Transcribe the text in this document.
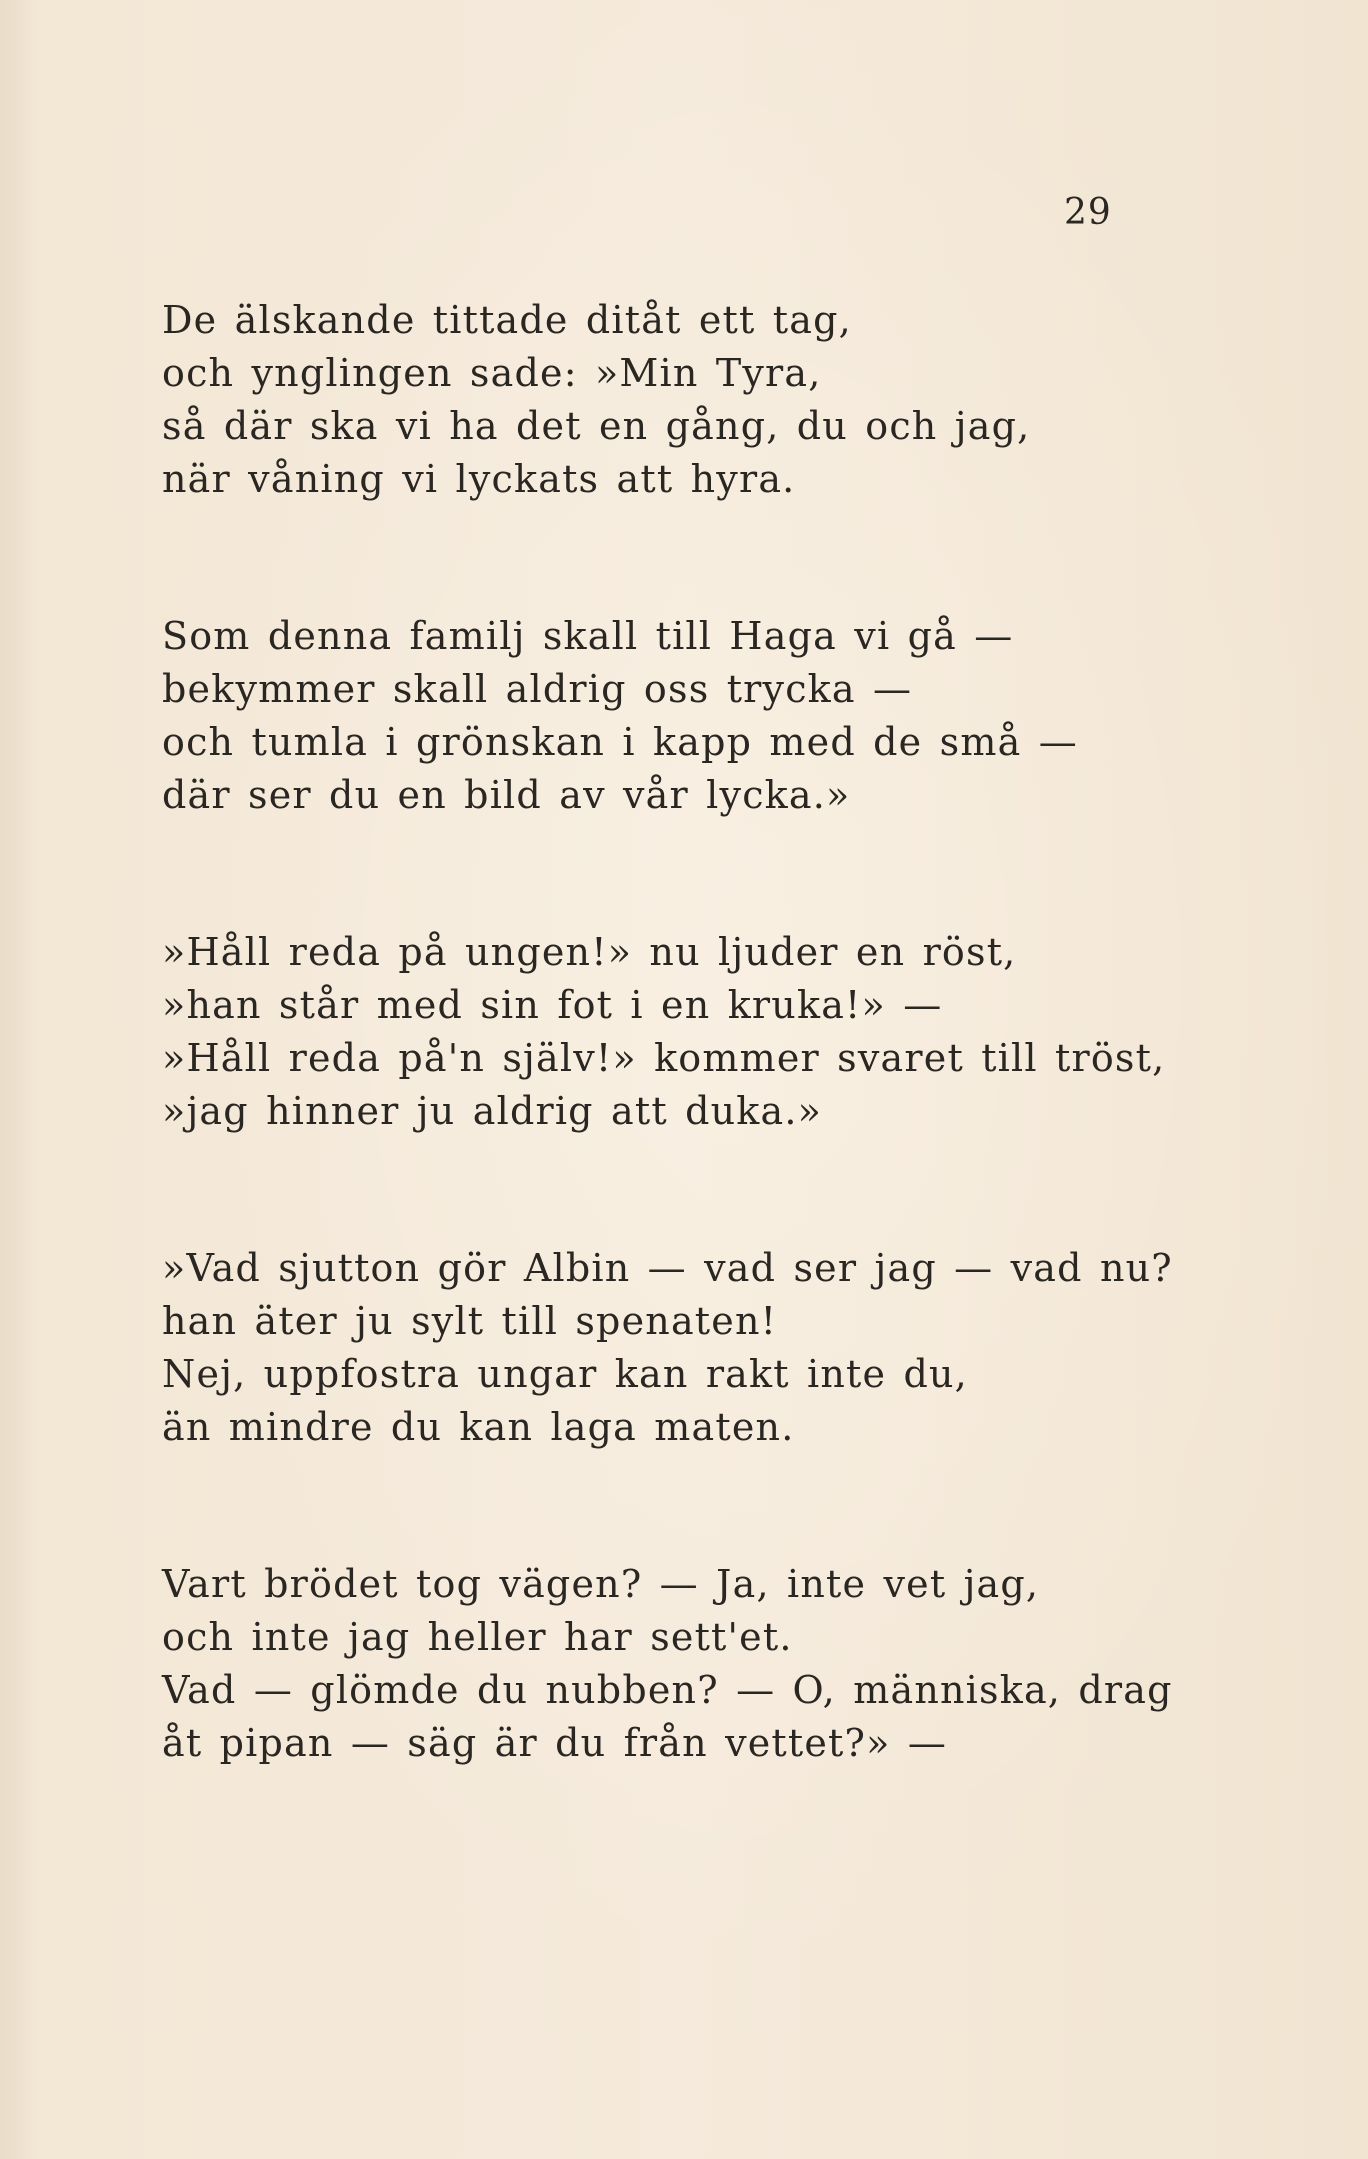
29
De älskande tittade ditåt ett tag,
och ynglingen sade: »Min Tyra,
så där ska vi ha det en gång, du och jag,
när våning vi lyckats att hyra.
Som denna familj skall till Haga vi gå —
bekymmer skall aldrig oss trycka —
och tumla i grönskan i kapp med de små —
där ser du en bild av vår lycka.»
»Håll reda på ungen!» nu ljuder en röst,
»han står med sin fot i en kruka!» —
»Håll reda på'n själv!» kommer svaret till tröst,
»jag hinner ju aldrig att duka.»
»Vad sjutton gör Albin — vad ser jag — vad nu?
han äter ju sylt till spenaten!
Nej, uppfostra ungar kan rakt inte du,
än mindre du kan laga maten.
Vart brödet tog vägen? — Ja, inte vet jag,
och inte jag heller har sett'et.
Vad — glömde du nubben? — O, människa, drag
åt pipan — säg är du från vettet?» —
